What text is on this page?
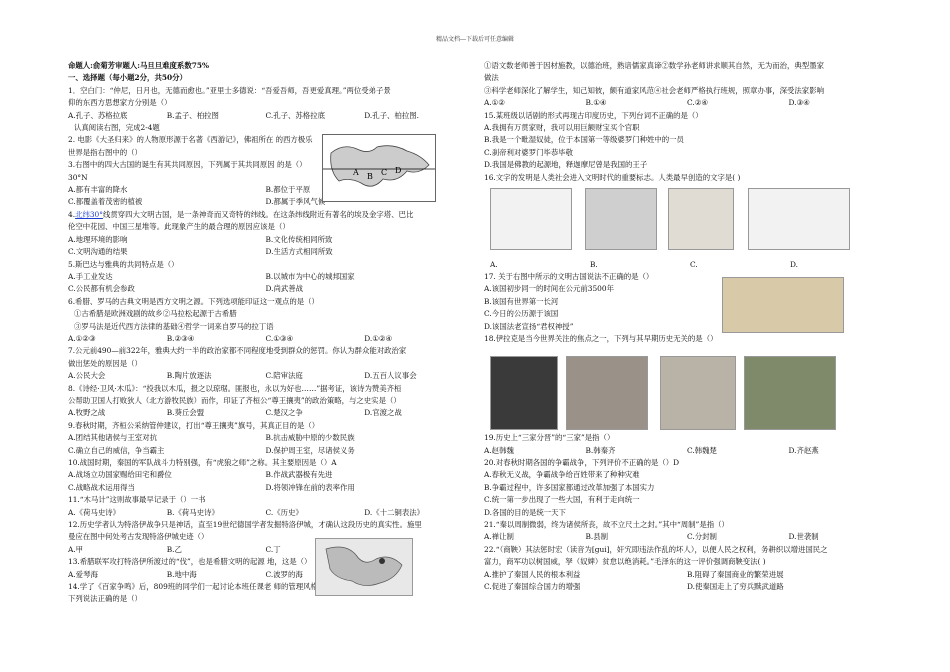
精品文档---下载后可任意编辑

命题人:俞菊芳审题人:马旦旦难度系数75%

一、选择题（每小题2分，共50分）

1．空白门：“仲尼，日月也，无德而愈也。”亚里士多德说：“吾爱吾师，吾更爱真理。”两位受弟子景

仰的东西方思想家方分别是（）

A.孔子、苏格拉底	B.孟子、柏拉图	C.孔子、苏格拉底	D.孔子、柏拉图.

认真阅读右图，完成2-4题

2. 电影《大圣归来》的人物原形源于名著《西游记》，佛祖所在 的西方极乐

世界是指右图中的（）

3.右图中的四大古国的诞生有其共同原因，下列属于其共同原因 的是（）

30°N

A.都有丰富的降水	B.都位于平原

C.都覆盖着茂密的植被	D.都属于季风气候

4.北纬30°线贯穿四大文明古国，是一条神奇而又奇特的纬线。在这条纬线附近有著名的埃及金字塔、巴比

伦空中花园、中国三星堆等。此现象产生的最合理的原因应该是（）

A.地理环境的影响	B.文化传统相同所致

C.文明沟通的结果	D.生活方式相同所致

5.斯巴达与雅典的共同特点是（）

A.手工业发达	B.以城市为中心的城邦国家

C.公民都有机会参政	D.尚武善战

6.希腊、罗马的古典文明是西方文明之源。下列选项能印证这一观点的是（）

①古希腊是欧洲戏剧的故乡②马拉松起源于古希腊

③罗马法是近代西方法律的基础④哲学一词来自罗马的拉丁语

A.①②③	B.②③④	C.①③④	D.①②④

7.公元前490—前322年，雅典大约一半的政治家都不同程度地受到群众的惩罚。你认为群众能对政治家

做出惩处的原因是（）

A.公民大会	B.陶片放逐法	C.陪审法庭	D.五百人议事会

8.《诗经·卫风·木瓜》：“投我以木瓜，报之以琼琚。匪报也，永以为好也……”据考证，该诗为赞美齐桓

公帮助卫国人打败狄人（北方游牧民族）而作，印证了齐桓公“尊王攘夷”的政治策略，与之史实是（）

A.牧野之战	B.葵丘会盟	C.楚汉之争	D.官渡之战

9.春秋时期，齐桓公采纳管仲建议，打出“尊王攘夷”旗号，其真正目的是（）

A.团结其他诸侯与王室对抗	B.抗击威胁中原的少数民族

C.确立自己的威信，争当霸主	D.保护周王室，尽诸侯义务

10.战国时期，秦国的军队战斗力特别强，有“虎狼之师”之称。其主要原因是（）A

A.战场立功国家赐给田宅和爵位	B.作战武器极有先进

C.战略战术运用得当	D.将领冲锋在前的表率作用

11.“木马计”这则故事最早记录于（）一书

A.《荷马史诗》	B.《荷马史诗》	C.《历史》	D.《十二铜表法》

12.历史学者认为特洛伊战争只是神话，直至19世纪德国学者发掘特洛伊城，才确认这段历史的真实性。施里

曼应在图中何处考古发现特洛伊城史迹（）

A.甲	B.乙	C.丁	D.丙

13.希腊联军攻打特洛伊所渡过的“伐”，也是希腊文明的起源 地，这是（）

A.爱琴海	B.地中海	C.波罗的海

14.学了《百家争鸣》后，809班的同学们一起讨论本班任课老 师的管理风格。

下列说法正确的是（）

①语文数老师善于因材施教，以德治班，熟谙儒家真谛②数学孙老师讲求顺其自然，无为而治，典型墨家

做法

③科学老师深化了解学生，知己知彼，颇有道家风范④社会老师严格执行班规，照章办事，深受法家影响

A.①②	B.①④	C.②④	D.③④

15.某班级以话剧的形式再现古印度历史，下列台词不正确的是（）

A.我拥有万贯家财，我可以用巨额财宝买个官职

B.我是一个毗湿奴徒，位于本国第一等级婆罗门种姓中的一员

C.刹帝利对婆罗门毕恭毕敬

D.我国是佛教的起源地，释迦摩尼曾是我国的王子

16.文字的发明是人类社会进入文明时代的重要标志。人类最早创造的文字是( )

A.	B.	C.	D.

17. 关于右图中所示的文明古国说法不正确的是（）

A.该国初步同一的时间在公元前3500年

B.该国有世界第一长河

C.今日的公历源于该国

D.该国法老宣扬“君权神授”

18.伊拉克是当今世界关注的焦点之一，下列与其早期历史无关的是（）

19.历史上“三家分晋”的“三家”是指（）

A.赵韩魏	B.韩秦齐	C.韩魏楚	D.齐赵燕

20.对春秋时期各国的争霸战争，下列评价不正确的是（）D

A.春秋无义战，争霸战争给百姓带来了种种灾难

B.争霸过程中，许多国家都通过改革加强了本国实力

C.统一第一步出现了一些大国，有利于走向统一

D.各国的目的是统一天下

21.“秦以周制微弱，终为诸侯所丧，故不立尺土之封。”其中“周制”是指（）

A.禅让制	B.县制	C.分封制	D.世袭制

22.“（商鞅）其法惩时宏（读音为[gui]，奸宄即违法作乱的坏人），以便人民之权利，务耕织以增进国民之

富力，商军功以树国威，孥（奴婢）贫怠以绝消耗。”毛泽东的这一评价强调商鞅变法( )

A.推护了秦国人民的根本利益	B.阻碍了秦国商业的繁荣进展

C.促进了秦国综合国力的增强	D.使秦国走上了穷兵黩武道路

A B C D
